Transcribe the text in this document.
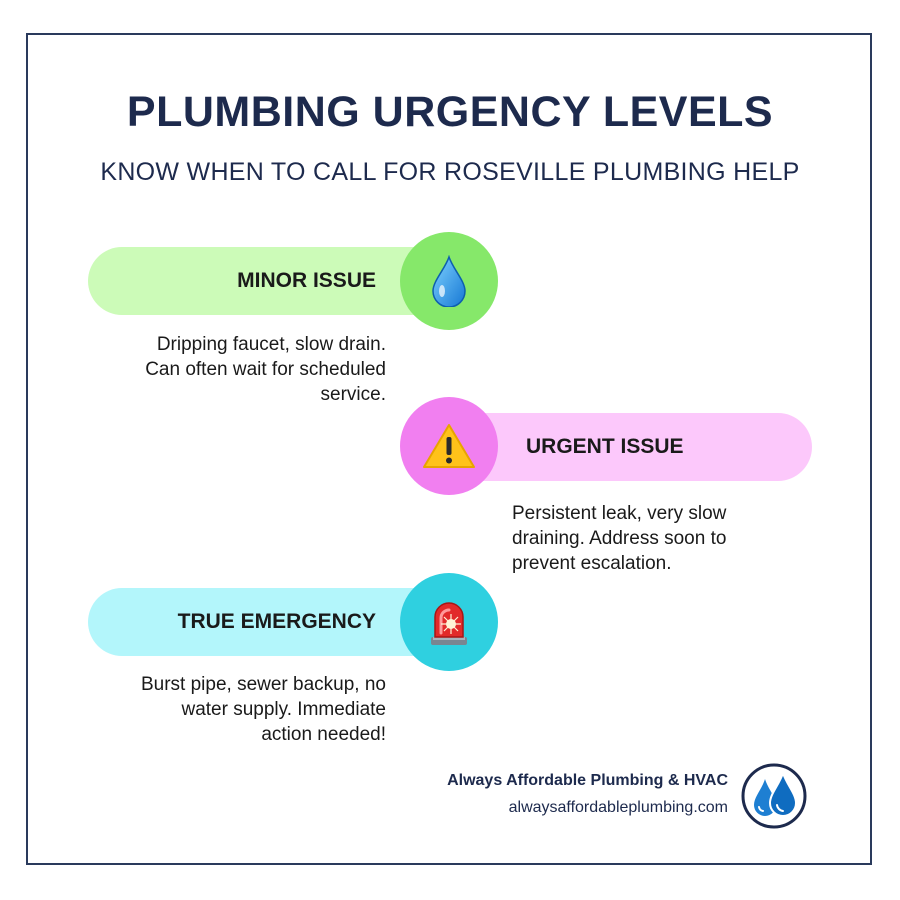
PLUMBING URGENCY LEVELS
KNOW WHEN TO CALL FOR ROSEVILLE PLUMBING HELP
MINOR ISSUE
Dripping faucet, slow drain.
Can often wait for scheduled
service.
URGENT ISSUE
Persistent leak, very slow
draining. Address soon to
prevent escalation.
TRUE EMERGENCY
Burst pipe, sewer backup, no
water supply. Immediate
action needed!
Always Affordable Plumbing & HVAC
alwaysaffordableplumbing.com
